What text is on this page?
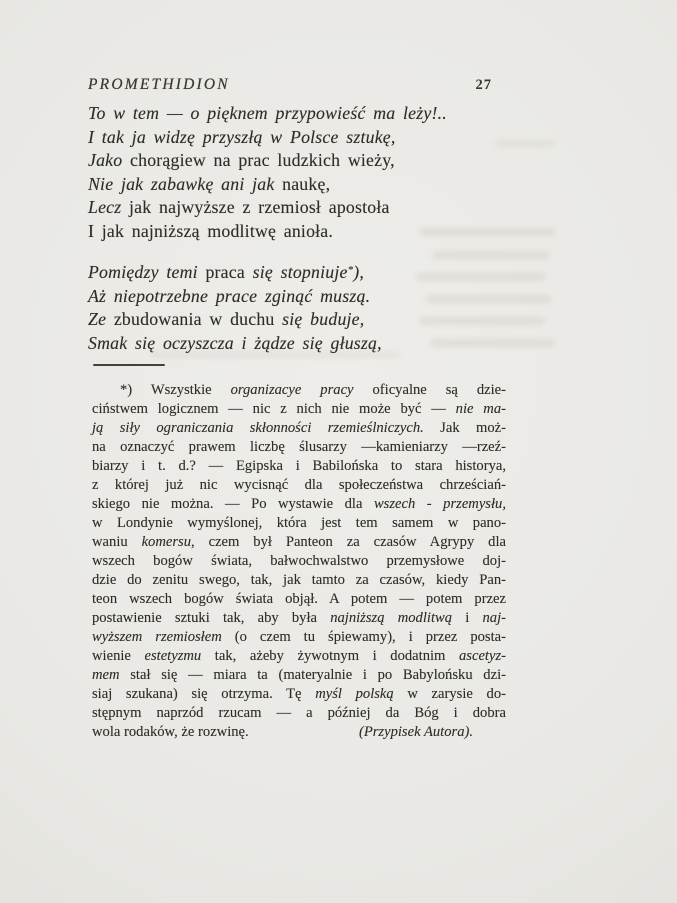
PROMETHIDION	27
To w tem — o pięknem przypowieść ma leży!..
I tak ja widzę przyszłą w Polsce sztukę,
Jako chorągiew na prac ludzkich wieży,
Nie jak zabawkę ani jak naukę,
Lecz jak najwyższe z rzemiosł apostoła
I jak najniższą modlitwę anioła.
Pomiędzy temi praca się stopniuje*),
Aż niepotrzebne prace zginąć muszą.
Ze zbudowania w duchu się buduje,
Smak się oczyszcza i żądze się głuszą,
*) Wszystkie organizacye pracy oficyalne są dzie-
ciństwem logicznem — nic z nich nie może być — nie ma-
ją siły ograniczania skłonności rzemieślniczych. Jak moż-
na oznaczyć prawem liczbę ślusarzy —kamieniarzy —rzeź-
biarzy i t. d.? — Egipska i Babilońska to stara historya,
z której już nic wycisnąć dla społeczeństwa chrześciań-
skiego nie można. — Po wystawie dla wszech - przemysłu,
w Londynie wymyślonej, która jest tem samem w pano-
waniu komersu, czem był Panteon za czasów Agrypy dla
wszech bogów świata, bałwochwalstwo przemysłowe doj-
dzie do zenitu swego, tak, jak tamto za czasów, kiedy Pan-
teon wszech bogów świata objął. A potem — potem przez
postawienie sztuki tak, aby była najniższą modlitwą i naj-
wyższem rzemiosłem (o czem tu śpiewamy), i przez posta-
wienie estetyzmu tak, ażeby żywotnym i dodatnim ascetyz-
mem stał się — miara ta (materyalnie i po Babylońsku dzi-
siaj szukana) się otrzyma. Tę myśl polską w zarysie do-
stępnym naprzód rzucam — a później da Bóg i dobra
wola rodaków, że rozwinę.	(Przypisek Autora).
